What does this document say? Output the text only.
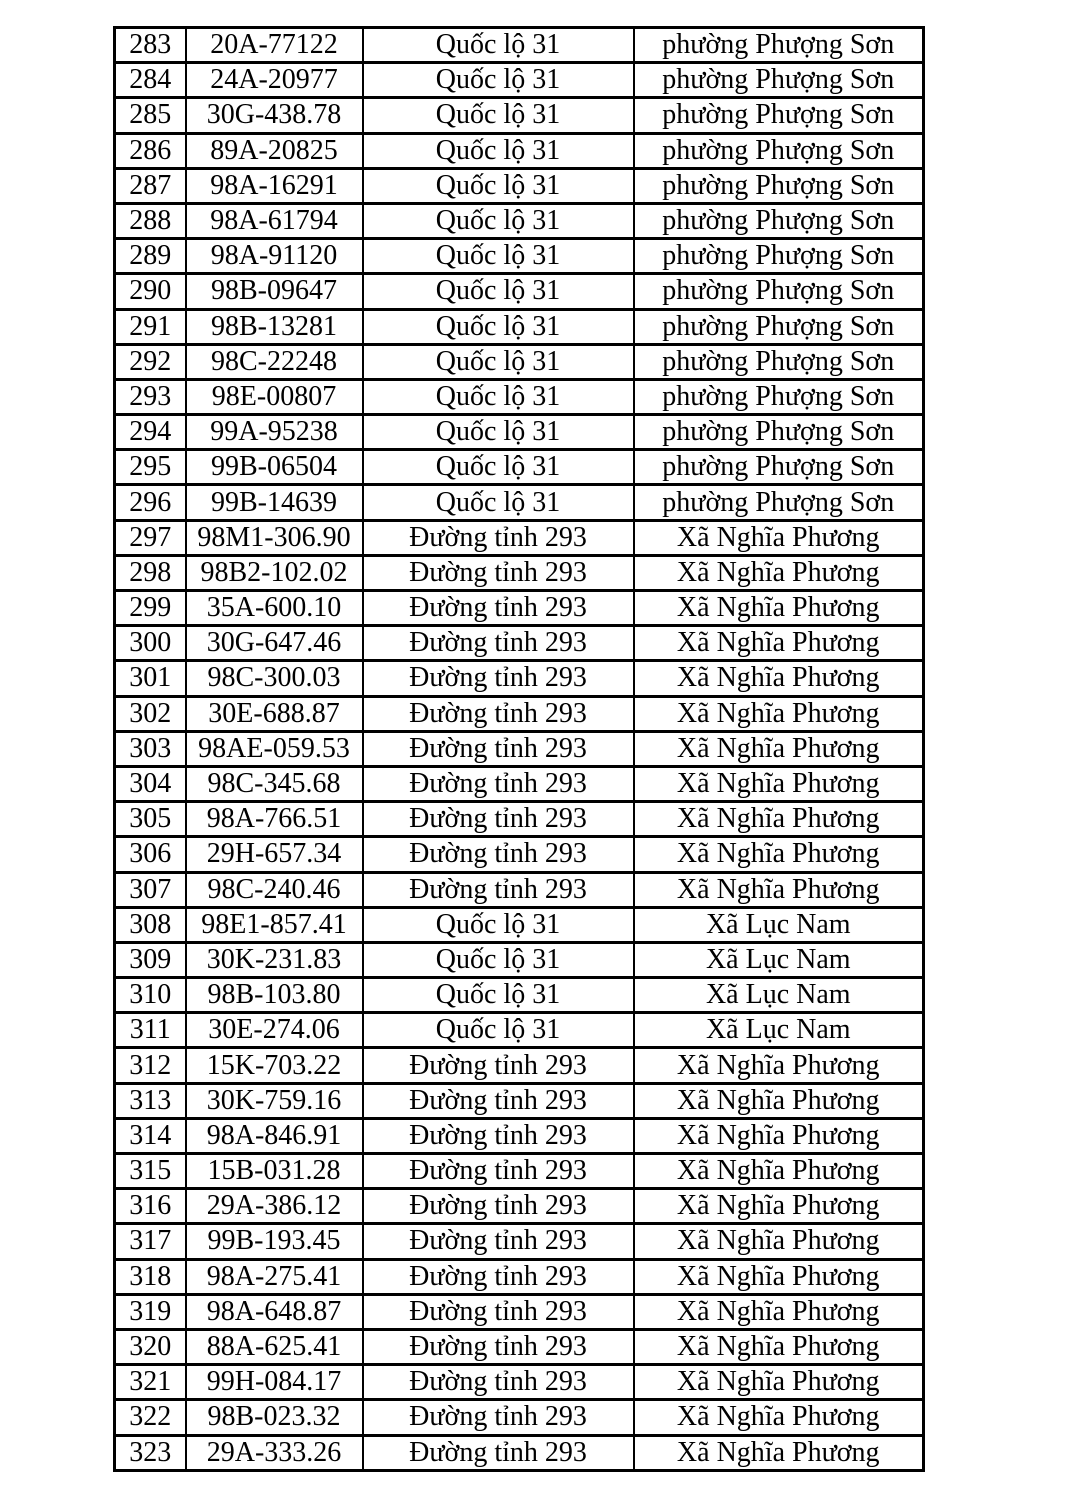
283	20A-77122	Quốc lộ 31	phường Phượng Sơn
284	24A-20977	Quốc lộ 31	phường Phượng Sơn
285	30G-438.78	Quốc lộ 31	phường Phượng Sơn
286	89A-20825	Quốc lộ 31	phường Phượng Sơn
287	98A-16291	Quốc lộ 31	phường Phượng Sơn
288	98A-61794	Quốc lộ 31	phường Phượng Sơn
289	98A-91120	Quốc lộ 31	phường Phượng Sơn
290	98B-09647	Quốc lộ 31	phường Phượng Sơn
291	98B-13281	Quốc lộ 31	phường Phượng Sơn
292	98C-22248	Quốc lộ 31	phường Phượng Sơn
293	98E-00807	Quốc lộ 31	phường Phượng Sơn
294	99A-95238	Quốc lộ 31	phường Phượng Sơn
295	99B-06504	Quốc lộ 31	phường Phượng Sơn
296	99B-14639	Quốc lộ 31	phường Phượng Sơn
297	98M1-306.90	Đường tỉnh 293	Xã Nghĩa Phương
298	98B2-102.02	Đường tỉnh 293	Xã Nghĩa Phương
299	35A-600.10	Đường tỉnh 293	Xã Nghĩa Phương
300	30G-647.46	Đường tỉnh 293	Xã Nghĩa Phương
301	98C-300.03	Đường tỉnh 293	Xã Nghĩa Phương
302	30E-688.87	Đường tỉnh 293	Xã Nghĩa Phương
303	98AE-059.53	Đường tỉnh 293	Xã Nghĩa Phương
304	98C-345.68	Đường tỉnh 293	Xã Nghĩa Phương
305	98A-766.51	Đường tỉnh 293	Xã Nghĩa Phương
306	29H-657.34	Đường tỉnh 293	Xã Nghĩa Phương
307	98C-240.46	Đường tỉnh 293	Xã Nghĩa Phương
308	98E1-857.41	Quốc lộ 31	Xã Lục Nam
309	30K-231.83	Quốc lộ 31	Xã Lục Nam
310	98B-103.80	Quốc lộ 31	Xã Lục Nam
311	30E-274.06	Quốc lộ 31	Xã Lục Nam
312	15K-703.22	Đường tỉnh 293	Xã Nghĩa Phương
313	30K-759.16	Đường tỉnh 293	Xã Nghĩa Phương
314	98A-846.91	Đường tỉnh 293	Xã Nghĩa Phương
315	15B-031.28	Đường tỉnh 293	Xã Nghĩa Phương
316	29A-386.12	Đường tỉnh 293	Xã Nghĩa Phương
317	99B-193.45	Đường tỉnh 293	Xã Nghĩa Phương
318	98A-275.41	Đường tỉnh 293	Xã Nghĩa Phương
319	98A-648.87	Đường tỉnh 293	Xã Nghĩa Phương
320	88A-625.41	Đường tỉnh 293	Xã Nghĩa Phương
321	99H-084.17	Đường tỉnh 293	Xã Nghĩa Phương
322	98B-023.32	Đường tỉnh 293	Xã Nghĩa Phương
323	29A-333.26	Đường tỉnh 293	Xã Nghĩa Phương
